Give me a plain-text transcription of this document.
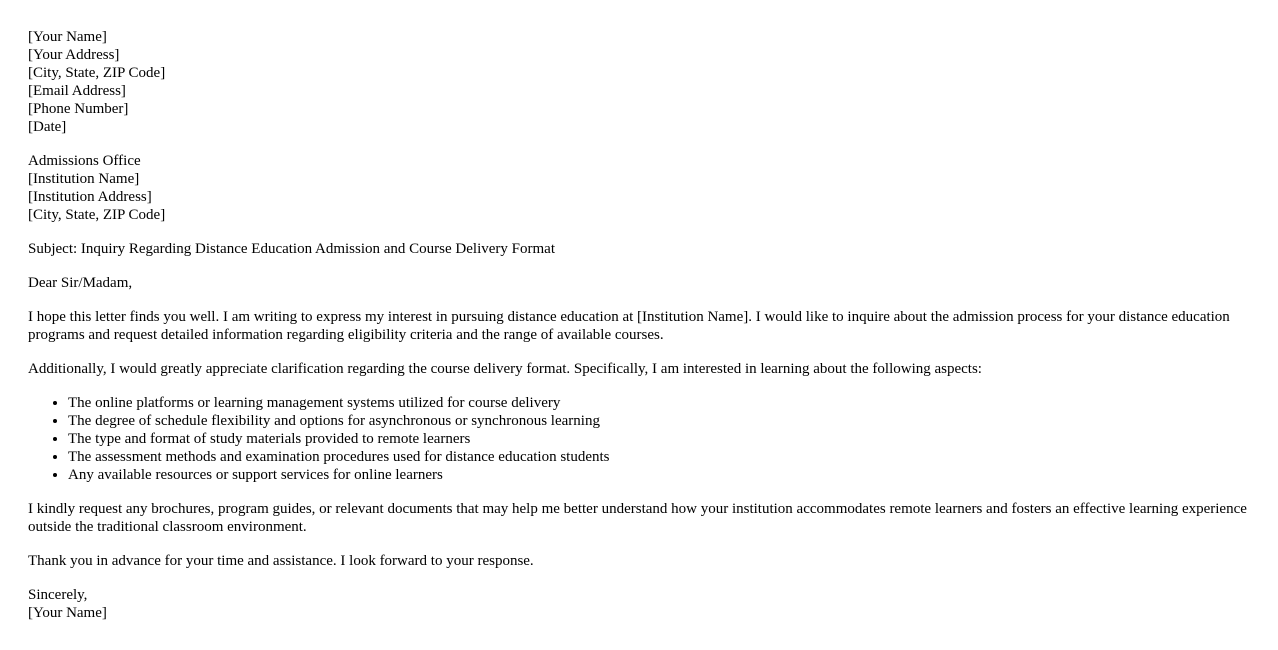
[Your Name]
[Your Address]
[City, State, ZIP Code]
[Email Address]
[Phone Number]
[Date]
Admissions Office
[Institution Name]
[Institution Address]
[City, State, ZIP Code]

Subject: Inquiry Regarding Distance Education Admission and Course Delivery Format

Dear Sir/Madam,

I hope this letter finds you well. I am writing to express my interest in pursuing distance education at [Institution Name]. I would like to inquire about the admission process for your distance education programs and request detailed information regarding eligibility criteria and the range of available courses.

Additionally, I would greatly appreciate clarification regarding the course delivery format. Specifically, I am interested in learning about the following aspects:

• The online platforms or learning management systems utilized for course delivery
• The degree of schedule flexibility and options for asynchronous or synchronous learning
• The type and format of study materials provided to remote learners
• The assessment methods and examination procedures used for distance education students
• Any available resources or support services for online learners

I kindly request any brochures, program guides, or relevant documents that may help me better understand how your institution accommodates remote learners and fosters an effective learning experience outside the traditional classroom environment.

Thank you in advance for your time and assistance. I look forward to your response.

Sincerely,
[Your Name]
